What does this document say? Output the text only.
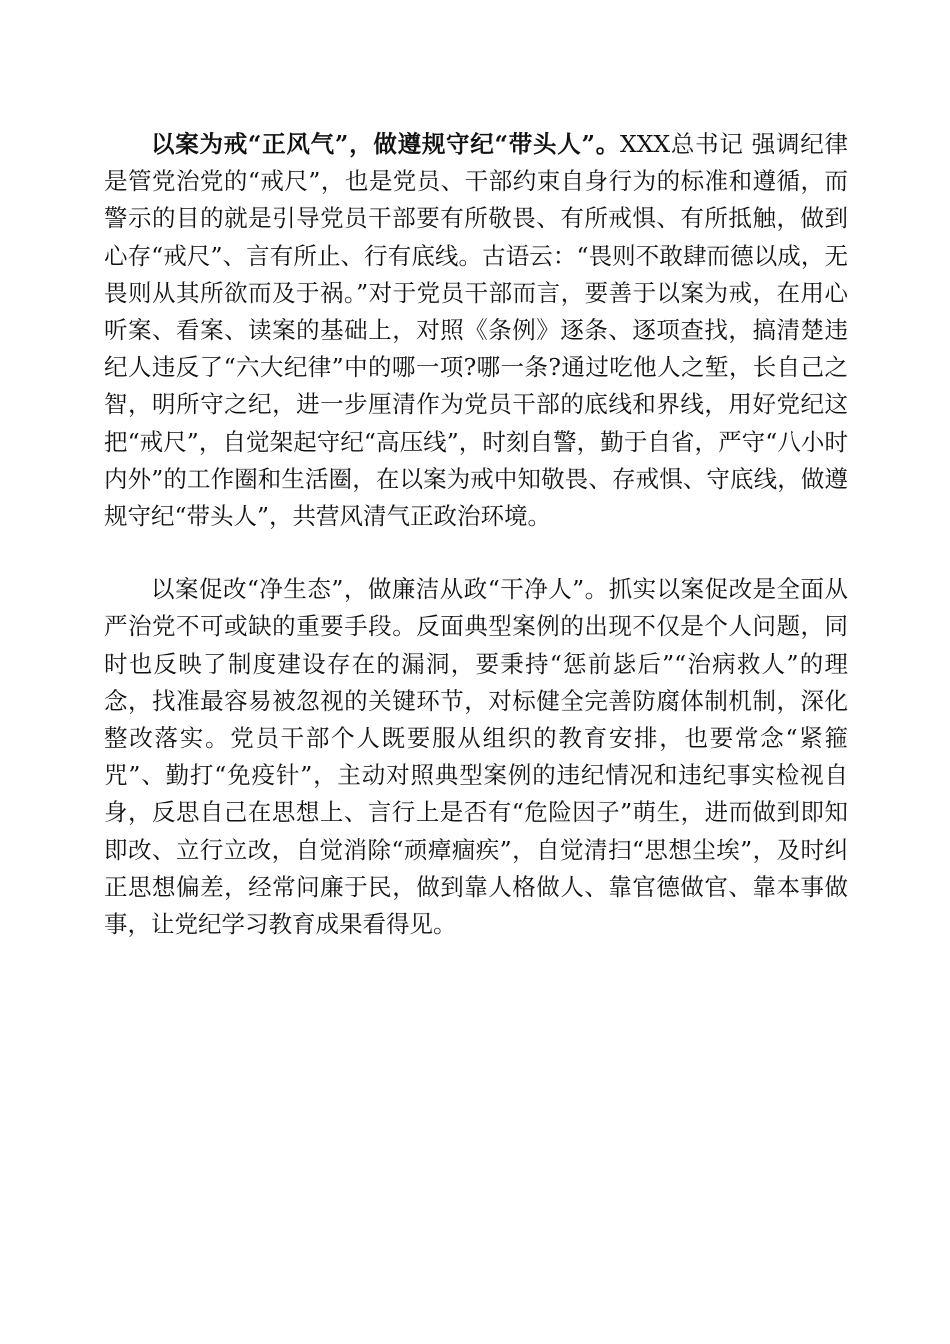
以案为戒“正风气”，做遵规守纪“带头人”。XXX总书记 强调纪律是管党治党的“戒尺”，也是党员、干部约束自身行为的标准和遵循，而警示的目的就是引导党员干部要有所敬畏、有所戒惧、有所抵触，做到心存“戒尺”、言有所止、行有底线。古语云：“畏则不敢肆而德以成，无畏则从其所欲而及于祸。”对于党员干部而言，要善于以案为戒，在用心听案、看案、读案的基础上，对照《条例》逐条、逐项查找，搞清楚违纪人违反了“六大纪律”中的哪一项?哪一条?通过吃他人之堑，长自己之智，明所守之纪，进一步厘清作为党员干部的底线和界线，用好党纪这把“戒尺”，自觉架起守纪“高压线”，时刻自警，勤于自省，严守“八小时内外”的工作圈和生活圈，在以案为戒中知敬畏、存戒惧、守底线，做遵规守纪“带头人”，共营风清气正政治环境。

以案促改“净生态”，做廉洁从政“干净人”。抓实以案促改是全面从严治党不可或缺的重要手段。反面典型案例的出现不仅是个人问题，同时也反映了制度建设存在的漏洞，要秉持“惩前毖后”“治病救人”的理念，找准最容易被忽视的关键环节，对标健全完善防腐体制机制，深化整改落实。党员干部个人既要服从组织的教育安排，也要常念“紧箍咒”、勤打“免疫针”，主动对照典型案例的违纪情况和违纪事实检视自身，反思自己在思想上、言行上是否有“危险因子”萌生，进而做到即知即改、立行立改，自觉消除“顽瘴痼疾”，自觉清扫“思想尘埃”，及时纠正思想偏差，经常问廉于民，做到靠人格做人、靠官德做官、靠本事做事，让党纪学习教育成果看得见。
